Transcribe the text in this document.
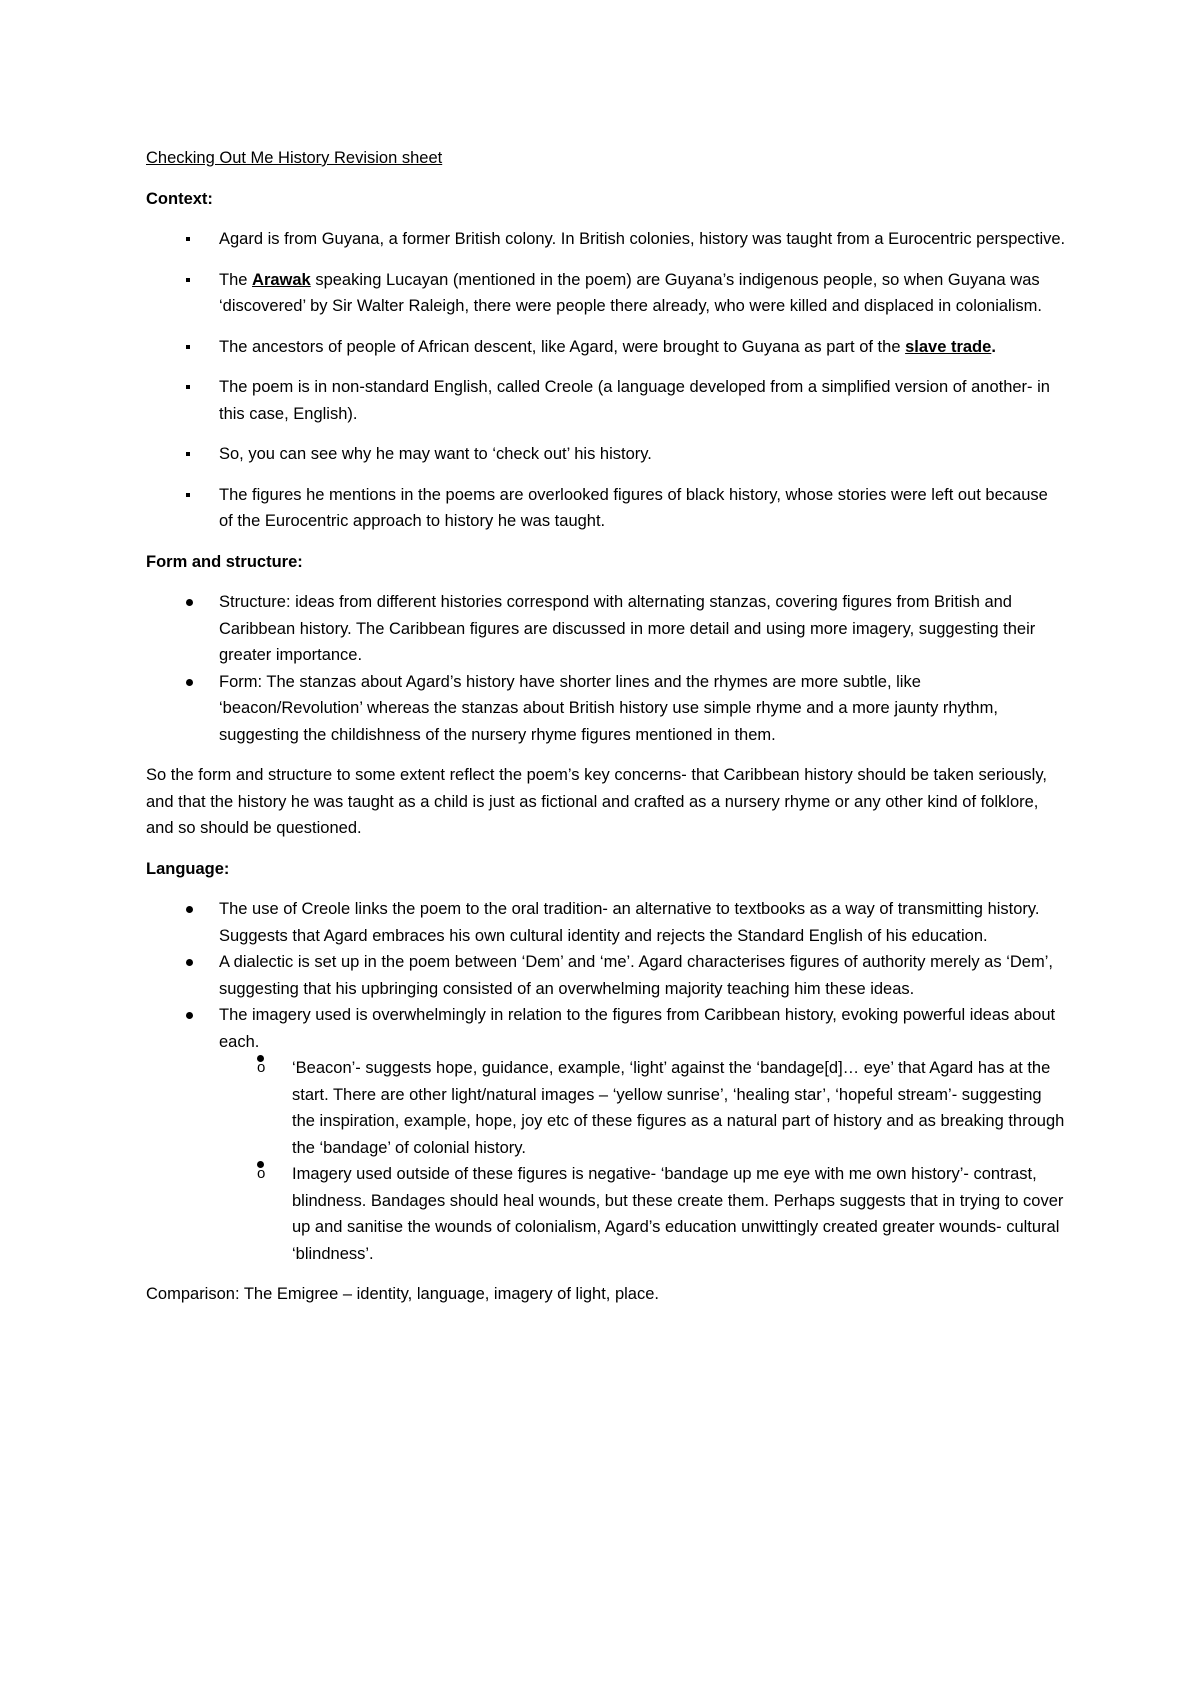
Checking Out Me History Revision sheet

Context:

Agard is from Guyana, a former British colony. In British colonies, history was taught from a Eurocentric perspective.
The Arawak speaking Lucayan (mentioned in the poem) are Guyana’s indigenous people, so when Guyana was ‘discovered’ by Sir Walter Raleigh, there were people there already, who were killed and displaced in colonialism.
The ancestors of people of African descent, like Agard, were brought to Guyana as part of the slave trade.
The poem is in non-standard English, called Creole (a language developed from a simplified version of another- in this case, English).
So, you can see why he may want to ‘check out’ his history.
The figures he mentions in the poems are overlooked figures of black history, whose stories were left out because of the Eurocentric approach to history he was taught.

Form and structure:

Structure: ideas from different histories correspond with alternating stanzas, covering figures from British and Caribbean history. The Caribbean figures are discussed in more detail and using more imagery, suggesting their greater importance.
Form: The stanzas about Agard’s history have shorter lines and the rhymes are more subtle, like ‘beacon/Revolution’ whereas the stanzas about British history use simple rhyme and a more jaunty rhythm, suggesting the childishness of the nursery rhyme figures mentioned in them.

So the form and structure to some extent reflect the poem’s key concerns- that Caribbean history should be taken seriously, and that the history he was taught as a child is just as fictional and crafted as a nursery rhyme or any other kind of folklore, and so should be questioned.

Language:

The use of Creole links the poem to the oral tradition- an alternative to textbooks as a way of transmitting history. Suggests that Agard embraces his own cultural identity and rejects the Standard English of his education.
A dialectic is set up in the poem between ‘Dem’ and ‘me’. Agard characterises figures of authority merely as ‘Dem’, suggesting that his upbringing consisted of an overwhelming majority teaching him these ideas.
The imagery used is overwhelmingly in relation to the figures from Caribbean history, evoking powerful ideas about each.
o ‘Beacon’- suggests hope, guidance, example, ‘light’ against the ‘bandage[d]… eye’ that Agard has at the start. There are other light/natural images – ‘yellow sunrise’, ‘healing star’, ‘hopeful stream’- suggesting the inspiration, example, hope, joy etc of these figures as a natural part of history and as breaking through the ‘bandage’ of colonial history.
o Imagery used outside of these figures is negative- ‘bandage up me eye with me own history’- contrast, blindness. Bandages should heal wounds, but these create them. Perhaps suggests that in trying to cover up and sanitise the wounds of colonialism, Agard’s education unwittingly created greater wounds- cultural ‘blindness’.

Comparison: The Emigree – identity, language, imagery of light, place.
